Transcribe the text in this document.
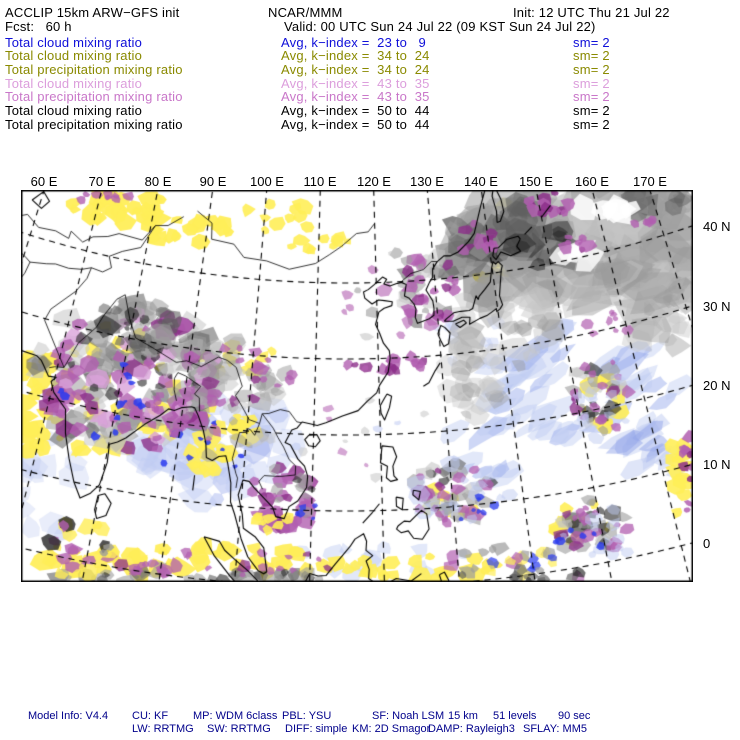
ACCLIP 15km ARW−GFS init	NCAR/MMM	Init: 12 UTC Thu 21 Jul 22
Fcst:   60 h	Valid: 00 UTC Sun 24 Jul 22 (09 KST Sun 24 Jul 22)
Total cloud mixing ratio	Avg, k−index =  23 to   9	sm= 2
Total cloud mixing ratio	Avg, k−index =  34 to  24	sm= 2
Total precipitation mixing ratio	Avg, k−index =  34 to  24	sm= 2
Total cloud mixing ratio	Avg, k−index =  43 to  35	sm= 2
Total precipitation mixing ratio	Avg, k−index =  43 to  35	sm= 2
Total cloud mixing ratio	Avg, k−index =  50 to  44	sm= 2
Total precipitation mixing ratio	Avg, k−index =  50 to  44	sm= 2
60 E 70 E 80 E 90 E 100 E 110 E 120 E 130 E 140 E 150 E 160 E 170 E
40 N
30 N
20 N
10 N
0
Model Info: V4.4 CU: KF MP: WDM 6class PBL: YSU	SF: Noah LSM 15 km 51 levels 90 sec
LW: RRTMG SW: RRTMG DIFF: simple KM: 2D Smagor
DAMP: Rayleigh3 SFLAY: MM5
